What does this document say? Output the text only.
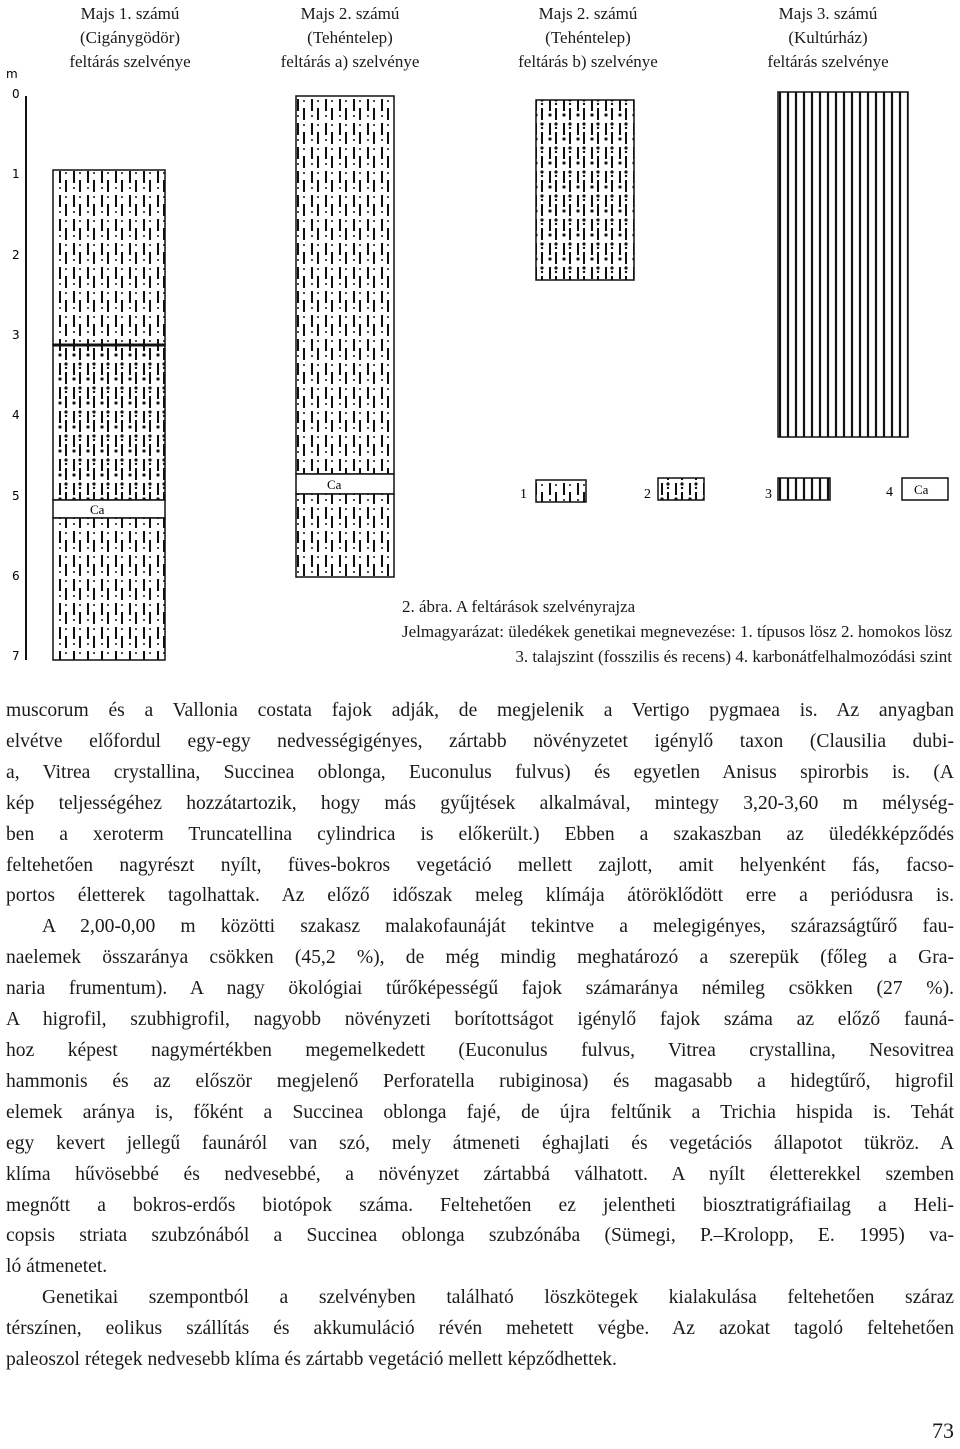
Majs 1. számú
(Cigánygödör)
feltárás szelvénye
Majs 2. számú
(Tehéntelep)
feltárás a) szelvénye
Majs 2. számú
(Tehéntelep)
feltárás b) szelvénye
Majs 3. számú
(Kultúrház)
feltárás szelvénye
m
0
1
2
3
4
5
6
7
Ca
Ca
1	2	3	4 Ca
2. ábra. A feltárások szelvényrajza
Jelmagyarázat: üledékek genetikai megnevezése: 1. típusos lösz 2. homokos lösz
3. talajszint (fosszilis és recens) 4. karbonátfelhalmozódási szint
muscorum és a Vallonia costata fajok adják, de megjelenik a Vertigo pygmaea is. Az anyagban
elvétve előfordul egy-egy nedvességigényes, zártabb növényzetet igénylő taxon (Clausilia dubi-
a, Vitrea crystallina, Succinea oblonga, Euconulus fulvus) és egyetlen Anisus spirorbis is. (A
kép teljességéhez hozzátartozik, hogy más gyűjtések alkalmával, mintegy 3,20-3,60 m mélység-
ben a xeroterm Truncatellina cylindrica is előkerült.) Ebben a szakaszban az üledékképződés
feltehetően nagyrészt nyílt, füves-bokros vegetáció mellett zajlott, amit helyenként fás, facso-
portos életterek tagolhattak. Az előző időszak meleg klímája átöröklődött erre a periódusra is.
A 2,00-0,00 m közötti szakasz malakofaunáját tekintve a melegigényes, szárazságtűrő fau-
naelemek összaránya csökken (45,2 %), de még mindig meghatározó a szerepük (főleg a Gra-
naria frumentum). A nagy ökológiai tűrőképességű fajok számaránya némileg csökken (27 %).
A higrofil, szubhigrofil, nagyobb növényzeti borítottságot igénylő fajok száma az előző fauná-
hoz képest nagymértékben megemelkedett (Euconulus fulvus, Vitrea crystallina, Nesovitrea
hammonis és az először megjelenő Perforatella rubiginosa) és magasabb a hidegtűrő, higrofil
elemek aránya is, főként a Succinea oblonga fajé, de újra feltűnik a Trichia hispida is. Tehát
egy kevert jellegű faunáról van szó, mely átmeneti éghajlati és vegetációs állapotot tükröz. A
klíma hűvösebbé és nedvesebbé, a növényzet zártabbá válhatott. A nyílt életterekkel szemben
megnőtt a bokros-erdős biotópok száma. Feltehetően ez jelentheti biosztratigráfiailag a Heli-
copsis striata szubzónából a Succinea oblonga szubzónába (Sümegi, P.–Krolopp, E. 1995) va-
ló átmenetet.
Genetikai szempontból a szelvényben található löszkötegek kialakulása feltehetően száraz
térszínen, eolikus szállítás és akkumuláció révén mehetett végbe. Az azokat tagoló feltehetően
paleoszol rétegek nedvesebb klíma és zártabb vegetáció mellett képződhettek.
73
